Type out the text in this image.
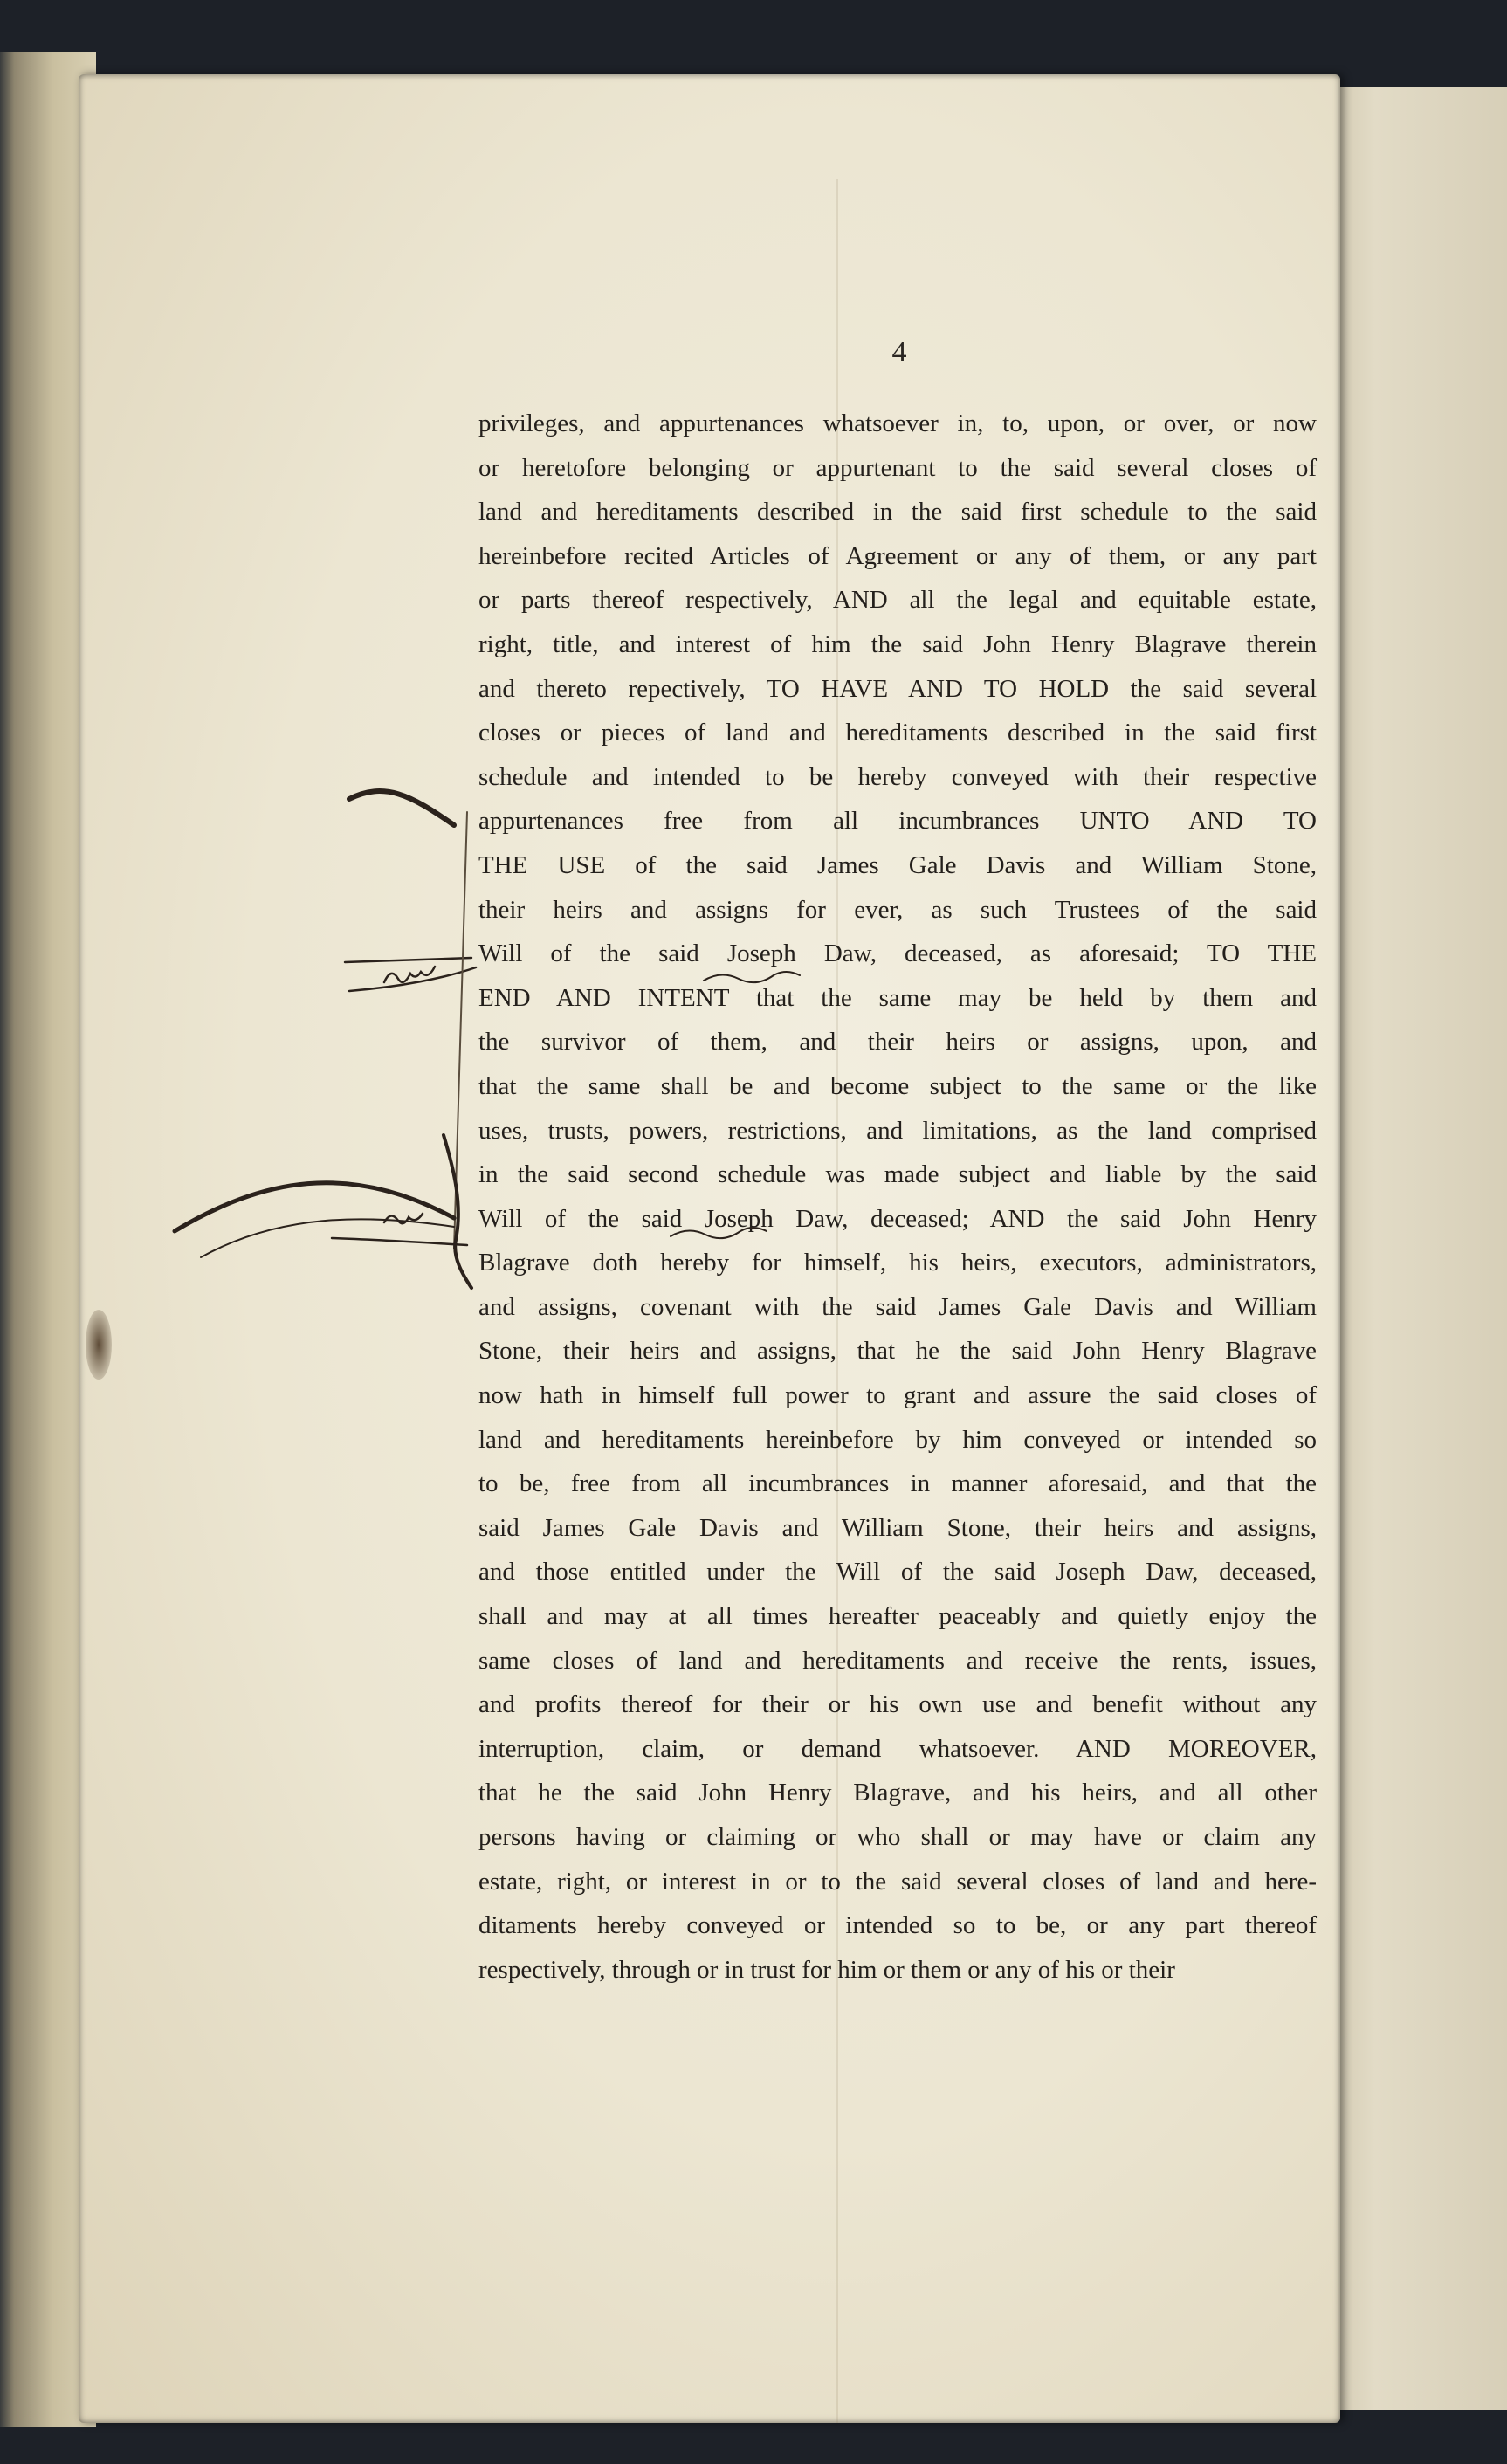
4
privileges, and appurtenances whatsoever in, to, upon, or over, or now
or heretofore belonging or appurtenant to the said several closes of
land and hereditaments described in the said first schedule to the said
hereinbefore recited Articles of Agreement or any of them, or any part
or parts thereof respectively, AND all the legal and equitable estate,
right, title, and interest of him the said John Henry Blagrave therein
and thereto repectively, TO HAVE AND TO HOLD the said several
closes or pieces of land and hereditaments described in the said first
schedule and intended to be hereby conveyed with their respective
appurtenances free from all incumbrances UNTO AND TO
THE USE of the said James Gale Davis and William Stone,
their heirs and assigns for ever, as such Trustees of the said
Will of the said Joseph Daw, deceased, as aforesaid; TO THE
END AND INTENT that the same may be held by them and
the survivor of them, and their heirs or assigns, upon, and
that the same shall be and become subject to the same or the like
uses, trusts, powers, restrictions, and limitations, as the land comprised
in the said second schedule was made subject and liable by the said
Will of the said Joseph Daw, deceased; AND the said John Henry
Blagrave doth hereby for himself, his heirs, executors, administrators,
and assigns, covenant with the said James Gale Davis and William
Stone, their heirs and assigns, that he the said John Henry Blagrave
now hath in himself full power to grant and assure the said closes of
land and hereditaments hereinbefore by him conveyed or intended so
to be, free from all incumbrances in manner aforesaid, and that the
said James Gale Davis and William Stone, their heirs and assigns,
and those entitled under the Will of the said Joseph Daw, deceased,
shall and may at all times hereafter peaceably and quietly enjoy the
same closes of land and hereditaments and receive the rents, issues,
and profits thereof for their or his own use and benefit without any
interruption, claim, or demand whatsoever. AND MOREOVER,
that he the said John Henry Blagrave, and his heirs, and all other
persons having or claiming or who shall or may have or claim any
estate, right, or interest in or to the said several closes of land and here-
ditaments hereby conveyed or intended so to be, or any part thereof
respectively, through or in trust for him or them or any of his or their
